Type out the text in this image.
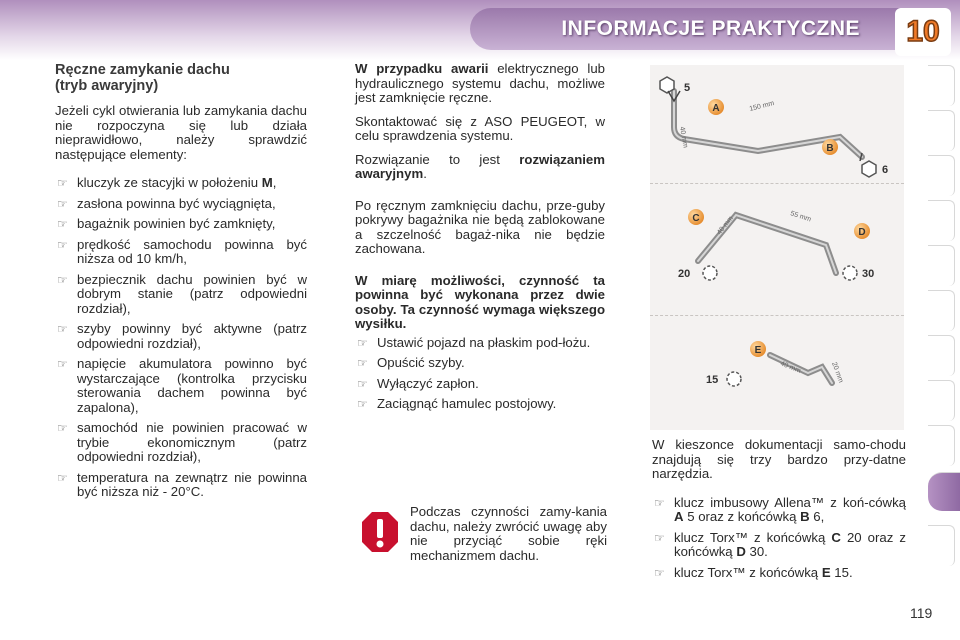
INFORMACJE PRAKTYCZNE 10
Ręczne zamykanie dachu
(tryb awaryjny)

Jeżeli cykl otwierania lub zamykania dachu nie rozpoczyna się lub działa nieprawidłowo, należy sprawdzić następujące elementy:

☞ kluczyk ze stacyjki w położeniu M,
☞ zasłona powinna być wyciągnięta,
☞ bagażnik powinien być zamknięty,
☞ prędkość samochodu powinna być niższa od 10 km/h,
☞ bezpiecznik dachu powinien być w dobrym stanie (patrz odpowiedni rozdział),
☞ szyby powinny być aktywne (patrz odpowiedni rozdział),
☞ napięcie akumulatora powinno być wystarczające (kontrolka przycisku sterowania dachem powinna być zapalona),
☞ samochód nie powinien pracować w trybie ekonomicznym (patrz odpowiedni rozdział),
☞ temperatura na zewnątrz nie powinna być niższa niż - 20°C.

W przypadku awarii elektrycznego lub hydraulicznego systemu dachu, możliwe jest zamknięcie ręczne.

Skontaktować się z ASO PEUGEOT, w celu sprawdzenia systemu.

Rozwiązanie to jest rozwiązaniem awaryjnym.

Po ręcznym zamknięciu dachu, prze-guby pokrywy bagażnika nie będą zablokowane a szczelność bagaż-nika nie będzie zachowana.

W miarę możliwości, czynność ta powinna być wykonana przez dwie osoby. Ta czynność wymaga większego wysiłku.

☞ Ustawić pojazd na płaskim pod-łożu.
☞ Opuścić szyby.
☞ Wyłączyć zapłon.
☞ Zaciągnąć hamulec postojowy.
Podczas czynności zamy-kania dachu, należy zwrócić uwagę aby nie przyciąć sobie ręki mechanizmem dachu.
A
B
C
D
E
5
6
20	30
15
150 mm
40 mm
55 mm
40 mm
40 mm	20 mm

W kieszonce dokumentacji samo-chodu znajdują się trzy bardzo przy-datne narzędzia.

☞ klucz imbusowy Allena™ z koń-cówką A 5 oraz z końcówką B 6,
☞ klucz Torx™ z końcówką C 20 oraz z końcówką D 30.
☞ klucz Torx™ z końcówką E 15.
119
